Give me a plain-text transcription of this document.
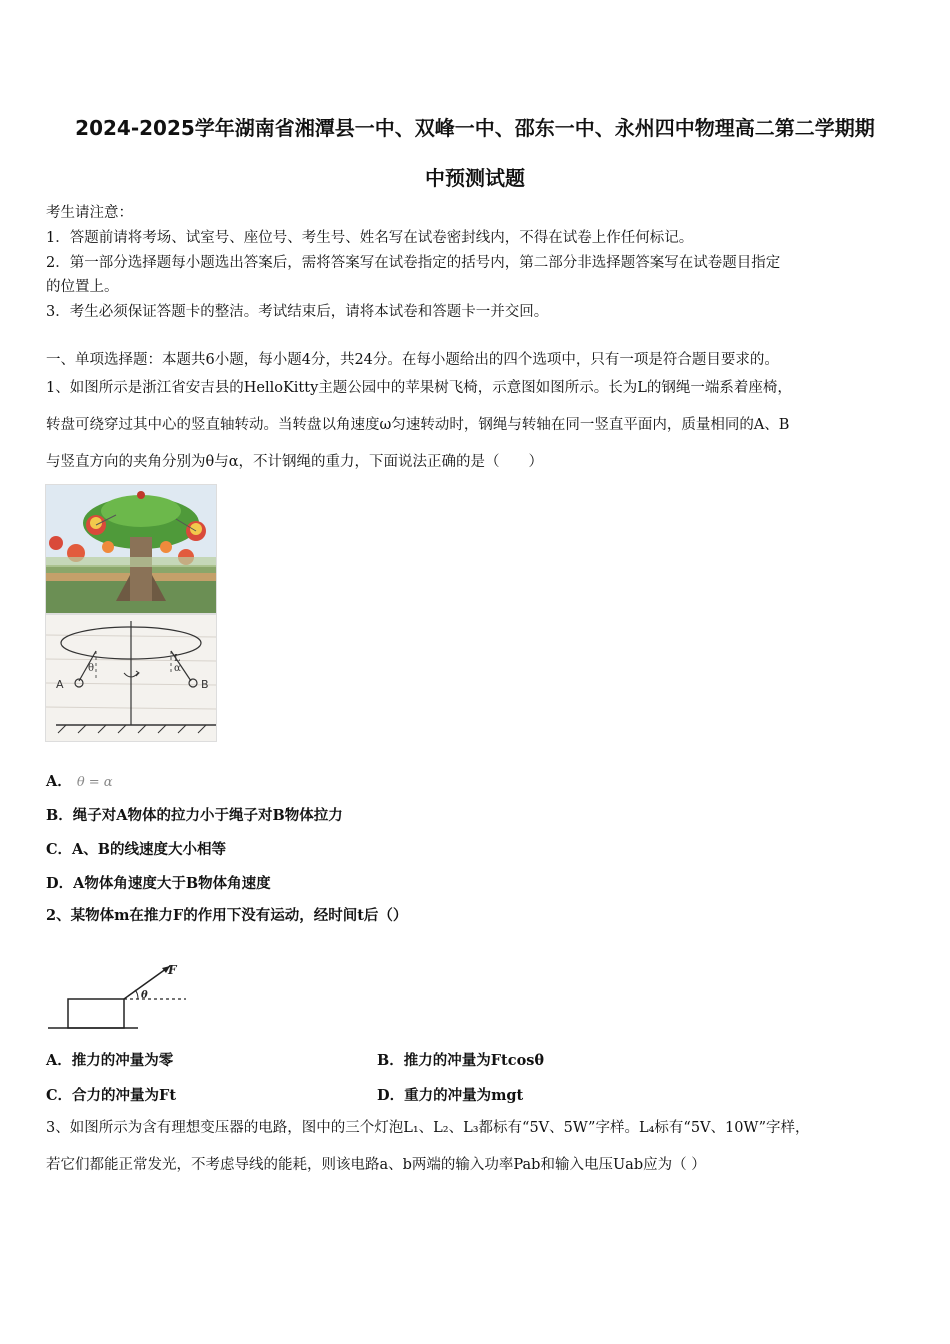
2024-2025学年湖南省湘潭县一中、双峰一中、邵东一中、永州四中物理高二第二学期期
中预测试题
考生请注意：
1．答题前请将考场、试室号、座位号、考生号、姓名写在试卷密封线内，不得在试卷上作任何标记。
2．第一部分选择题每小题选出答案后，需将答案写在试卷指定的括号内，第二部分非选择题答案写在试卷题目指定
的位置上。
3．考生必须保证答题卡的整洁。考试结束后，请将本试卷和答题卡一并交回。
一、单项选择题：本题共6小题，每小题4分，共24分。在每小题给出的四个选项中，只有一项是符合题目要求的。
1、如图所示是浙江省安吉县的HelloKitty主题公园中的苹果树飞椅，示意图如图所示。长为L的钢绳一端系着座椅，
转盘可绕穿过其中心的竖直轴转动。当转盘以角速度ω匀速转动时，钢绳与转轴在同一竖直平面内，质量相同的A、B
与竖直方向的夹角分别为θ与α，不计钢绳的重力，下面说法正确的是（　　）
A	B
θ
L
α
A． θ = α
B．绳子对A物体的拉力小于绳子对B物体拉力
C．A、B的线速度大小相等
D．A物体角速度大于B物体角速度
2、某物体m在推力F的作用下没有运动，经时间t后（）
F
θ
A．推力的冲量为零	B．推力的冲量为Ftcosθ
C．合力的冲量为Ft	D．重力的冲量为mgt
3、如图所示为含有理想变压器的电路，图中的三个灯泡L₁、L₂、L₃都标有“5V、5W”字样。L₄标有“5V、10W”字样，
若它们都能正常发光，不考虑导线的能耗，则该电路a、b两端的输入功率Pab和输入电压Uab应为（ ）
